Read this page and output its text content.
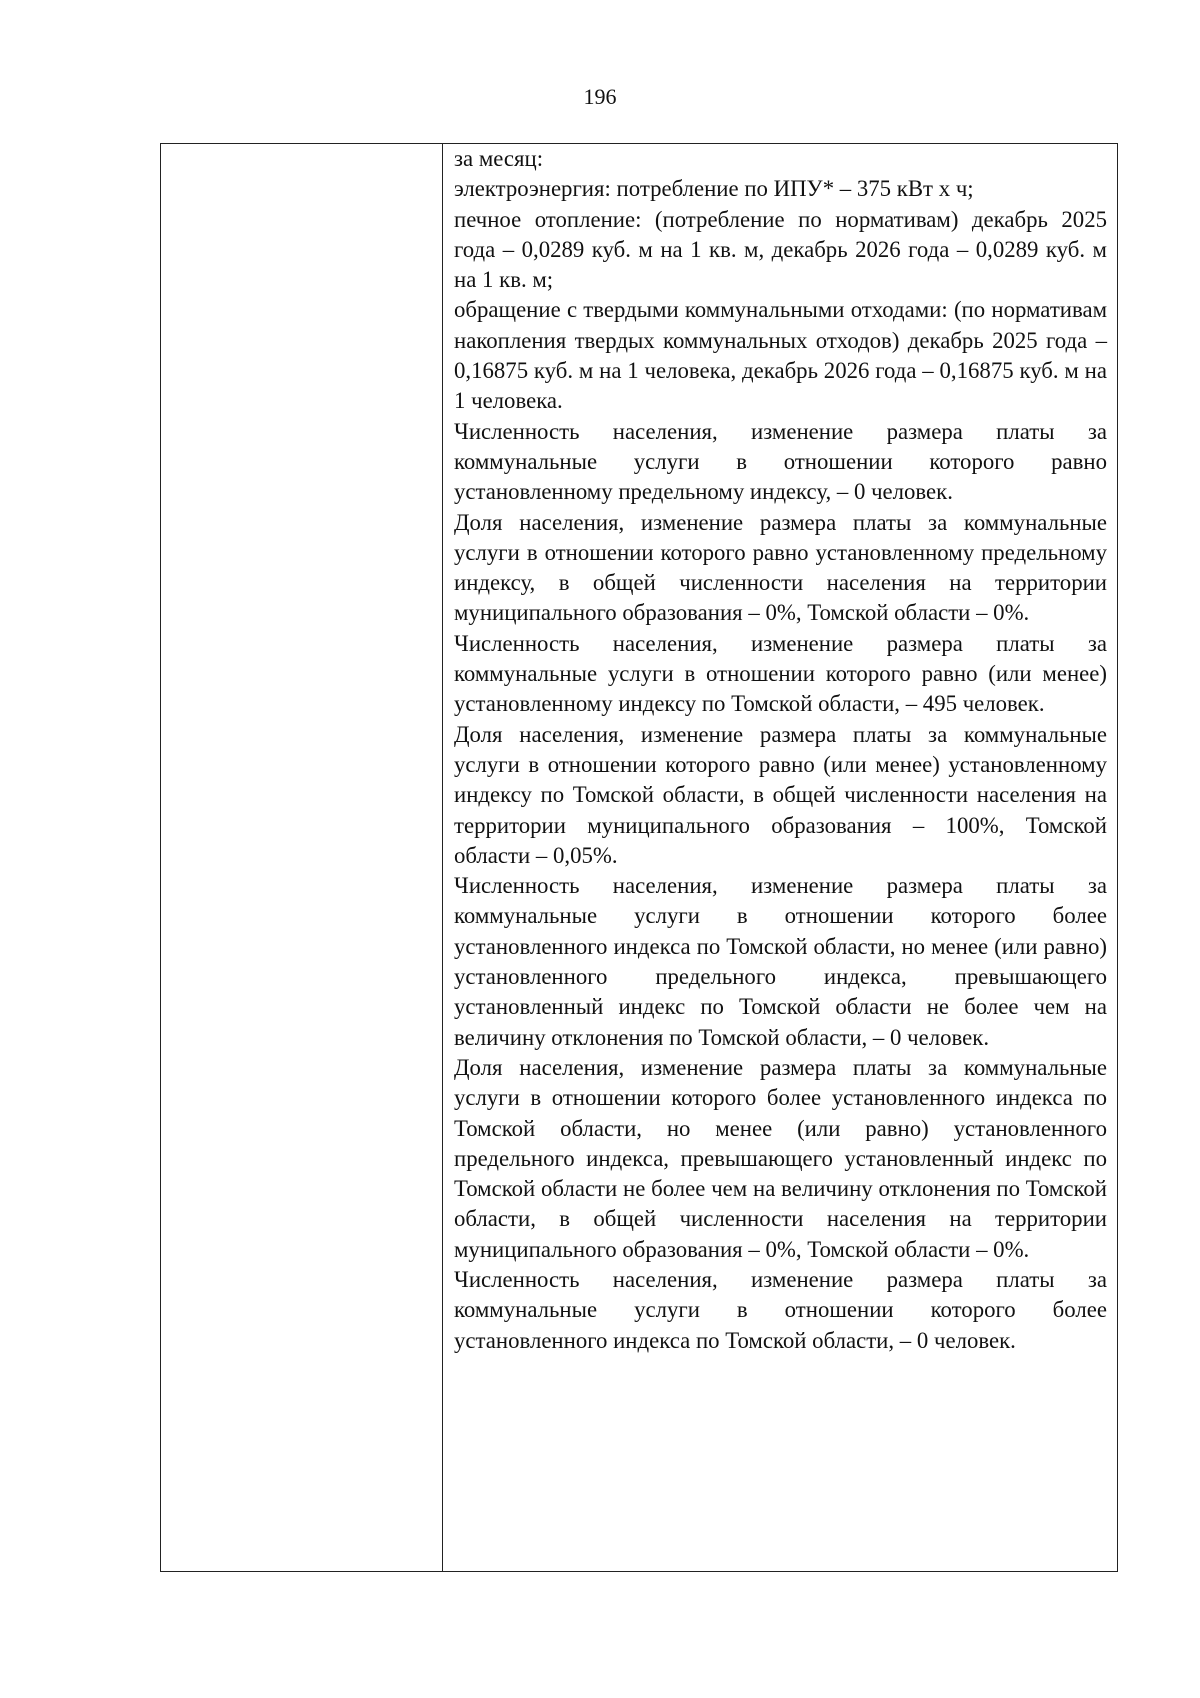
196

за месяц:

электроэнергия: потребление по ИПУ* – 375 кВт х ч;

печное отопление: (потребление по нормативам) декабрь 2025 года – 0,0289 куб. м на 1 кв. м, декабрь 2026 года – 0,0289 куб. м на 1 кв. м;

обращение с твердыми коммунальными отходами: (по нормативам накопления твердых коммунальных отходов) декабрь 2025 года – 0,16875 куб. м на 1 человека, декабрь 2026 года – 0,16875 куб. м на 1 человека.

Численность населения, изменение размера платы за коммунальные услуги в отношении которого равно установленному предельному индексу, – 0 человек.

Доля населения, изменение размера платы за коммунальные услуги в отношении которого равно установленному предельному индексу, в общей численности населения на территории муниципального образования – 0%, Томской области – 0%.

Численность населения, изменение размера платы за коммунальные услуги в отношении которого равно (или менее) установленному индексу по Томской области, – 495 человек.

Доля населения, изменение размера платы за коммунальные услуги в отношении которого равно (или менее) установленному индексу по Томской области, в общей численности населения на территории муниципального образования – 100%, Томской области – 0,05%.

Численность населения, изменение размера платы за коммунальные услуги в отношении которого более установленного индекса по Томской области, но менее (или равно) установленного предельного индекса, превышающего установленный индекс по Томской области не более чем на величину отклонения по Томской области, – 0 человек.

Доля населения, изменение размера платы за коммунальные услуги в отношении которого более установленного индекса по Томской области, но менее (или равно) установленного предельного индекса, превышающего установленный индекс по Томской области не более чем на величину отклонения по Томской области, в общей численности населения на территории муниципального образования – 0%, Томской области – 0%.

Численность населения, изменение размера платы за коммунальные услуги в отношении которого более установленного индекса по Томской области, – 0 человек.
